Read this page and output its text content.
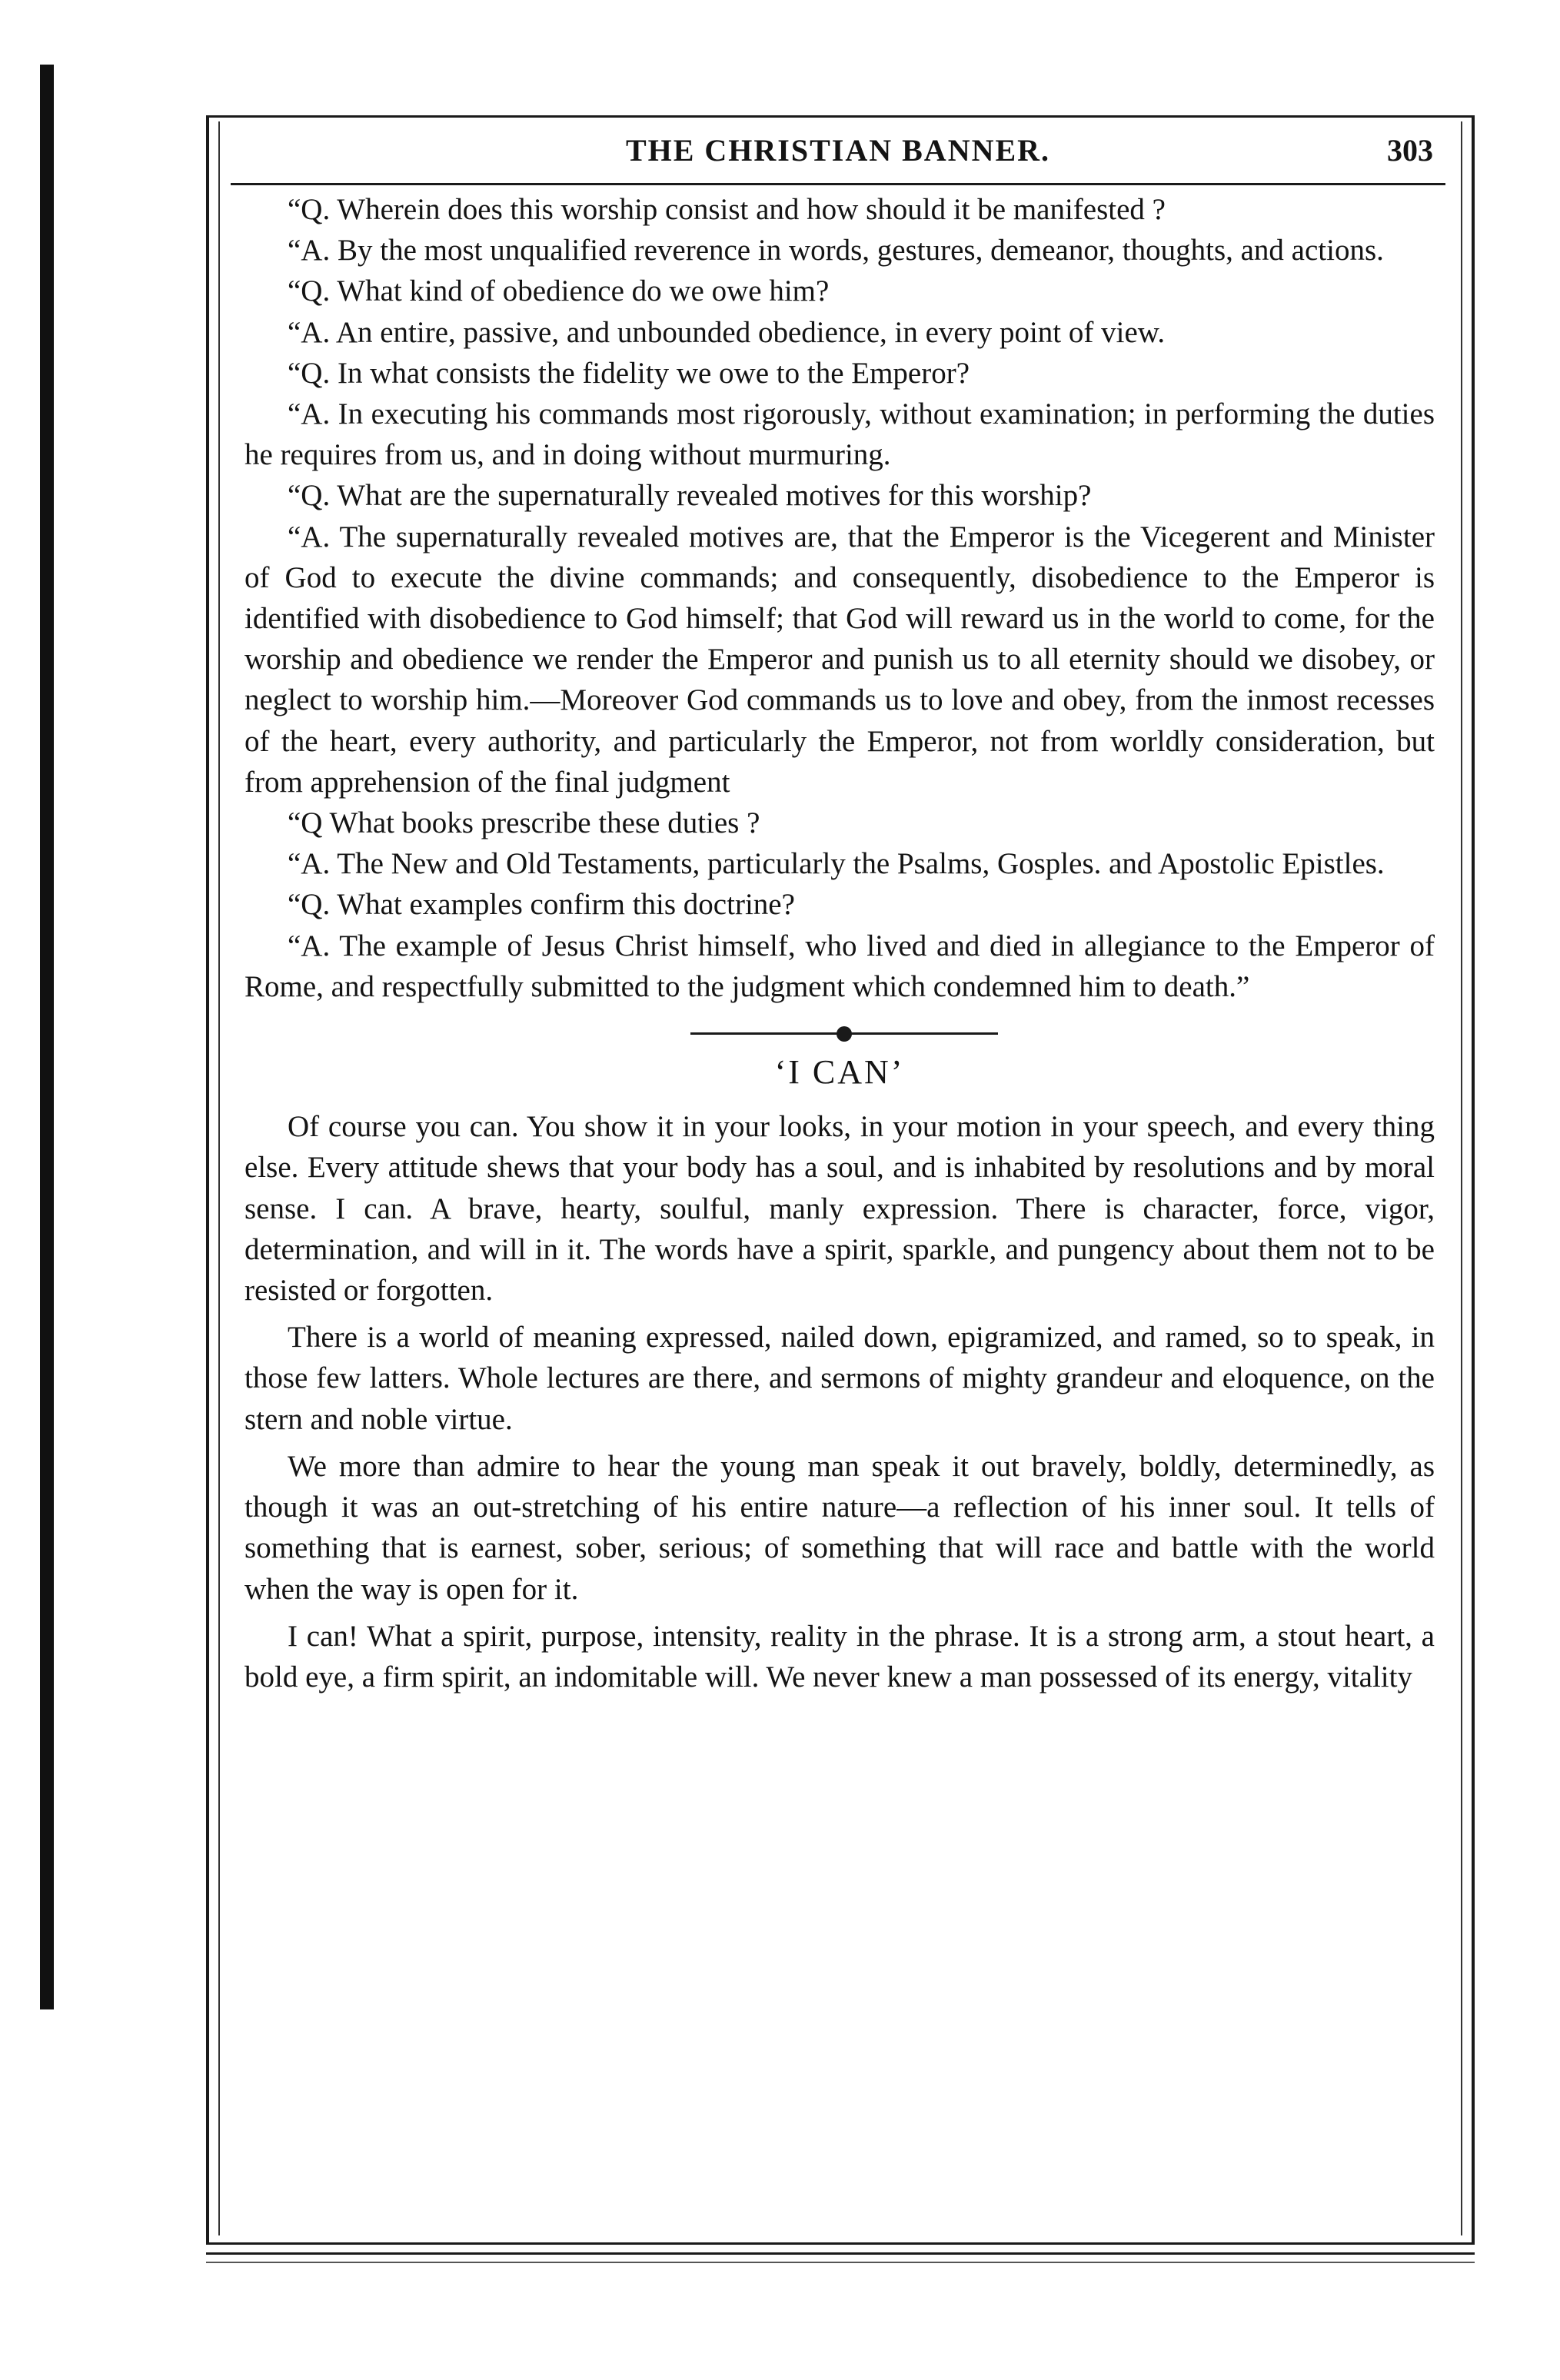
THE CHRISTIAN BANNER.	303

“Q. Wherein does this worship consist and how should it be manifested ?

“A. By the most unqualified reverence in words, gestures, demeanor, thoughts, and actions.

“Q. What kind of obedience do we owe him?

“A. An entire, passive, and unbounded obedience, in every point of view.

“Q. In what consists the fidelity we owe to the Emperor?

“A. In executing his commands most rigorously, without examination; in performing the duties he requires from us, and in doing without murmuring.

“Q. What are the supernaturally revealed motives for this worship?

“A. The supernaturally revealed motives are, that the Emperor is the Vicegerent and Minister of God to execute the divine commands; and consequently, disobedience to the Emperor is identified with disobedience to God himself; that God will reward us in the world to come, for the worship and obedience we render the Emperor and punish us to all eternity should we disobey, or neglect to worship him.—Moreover God commands us to love and obey, from the inmost recesses of the heart, every authority, and particularly the Emperor, not from worldly consideration, but from apprehension of the final judgment

“Q What books prescribe these duties ?

“A. The New and Old Testaments, particularly the Psalms, Gosples. and Apostolic Epistles.

“Q. What examples confirm this doctrine?

“A. The example of Jesus Christ himself, who lived and died in allegiance to the Emperor of Rome, and respectfully submitted to the judgment which condemned him to death.”

‘I CAN’

Of course you can. You show it in your looks, in your motion in your speech, and every thing else. Every attitude shews that your body has a soul, and is inhabited by resolutions and by moral sense. I can. A brave, hearty, soulful, manly expression. There is character, force, vigor, determination, and will in it. The words have a spirit, sparkle, and pungency about them not to be resisted or forgotten.

There is a world of meaning expressed, nailed down, epigramized, and ramed, so to speak, in those few latters. Whole lectures are there, and sermons of mighty grandeur and eloquence, on the stern and noble virtue.

We more than admire to hear the young man speak it out bravely, boldly, determinedly, as though it was an out-stretching of his entire nature—a reflection of his inner soul. It tells of something that is earnest, sober, serious; of something that will race and battle with the world when the way is open for it.

I can! What a spirit, purpose, intensity, reality in the phrase. It is a strong arm, a stout heart, a bold eye, a firm spirit, an indomitable will. We never knew a man possessed of its energy, vitality
